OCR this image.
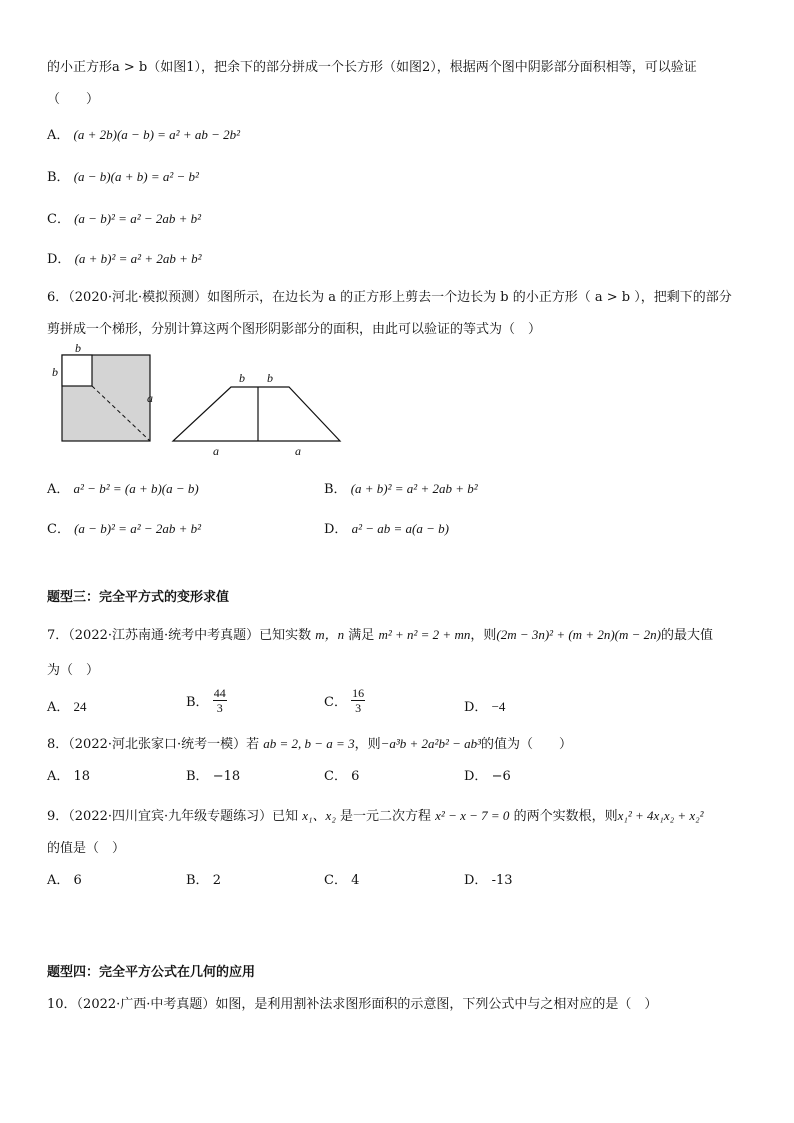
的小正方形a > b（如图1），把余下的部分拼成一个长方形（如图2），根据两个图中阴影部分面积相等，可以验证
（　　）
A． (a + 2b)(a − b) = a² + ab − 2b²
B． (a − b)(a + b) = a² − b²
C． (a − b)² = a² − 2ab + b²
D． (a + b)² = a² + 2ab + b²
6．（2020·河北·模拟预测）如图所示，在边长为 a 的正方形上剪去一个边长为 b 的小正方形（ a > b ），把剩下的部分
剪拼成一个梯形，分别计算这两个图形阴影部分的面积，由此可以验证的等式为（　）
b
b
a
b b
a	a
A． a² − b² = (a + b)(a − b)	B． (a + b)² = a² + 2ab + b²
C． (a − b)² = a² − 2ab + b²	D． a² − ab = a(a − b)
题型三：完全平方式的变形求值
7．（2022·江苏南通·统考中考真题）已知实数 m，n 满足 m² + n² = 2 + mn，则(2m − 3n)² + (m + 2n)(m − 2n)的最大值
为（　）
A． 24	B． $\frac{44}{3}$	C． $\frac{16}{3}$	D． −4
8．（2022·河北张家口·统考一模）若 ab = 2, b − a = 3，则−a³b + 2a²b² − ab³的值为（　　）
A． 18	B． −18	C． 6	D． −6
9．（2022·四川宜宾·九年级专题练习）已知 x₁、x₂ 是一元二次方程 x² − x − 7 = 0 的两个实数根，则x₁² + 4x₁x₂ + x₂²
的值是（　）
A． 6	B． 2	C． 4	D． -13
题型四：完全平方公式在几何的应用
10．（2022·广西·中考真题）如图，是利用割补法求图形面积的示意图，下列公式中与之相对应的是（　）
